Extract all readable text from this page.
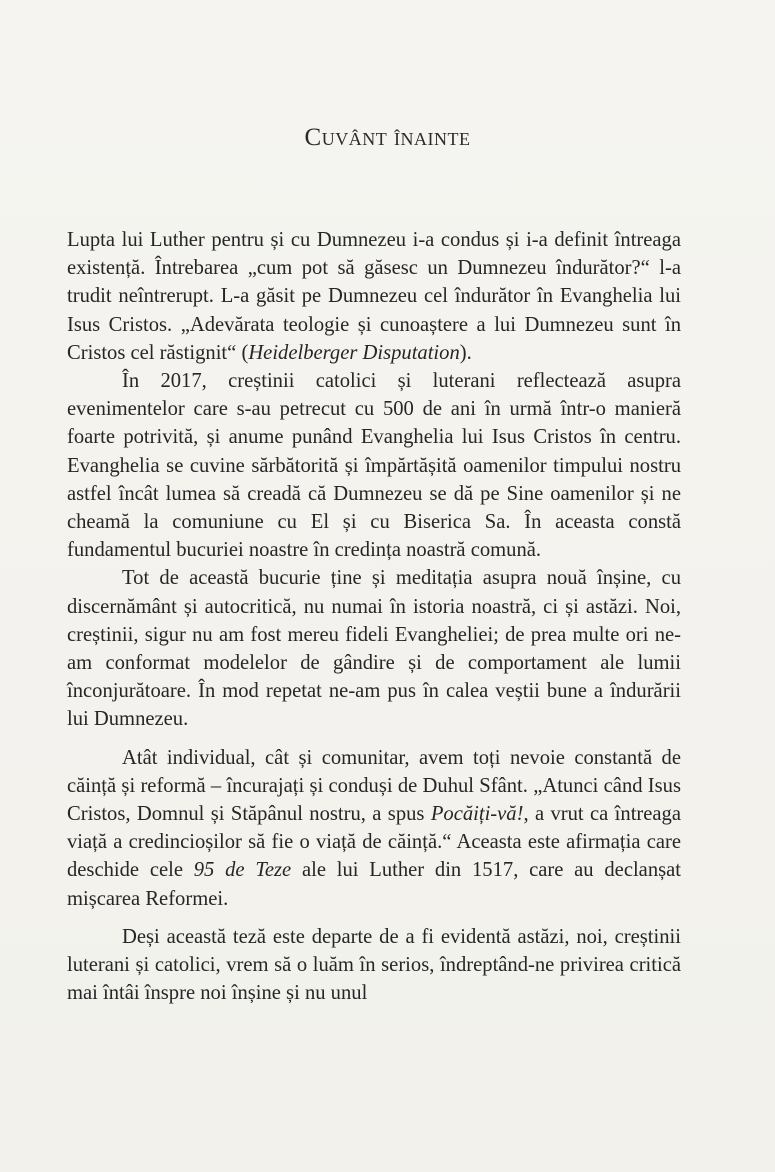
Cuvânt înainte

Lupta lui Luther pentru și cu Dumnezeu i-a condus și i-a definit întreaga existență. Întrebarea „cum pot să găsesc un Dumnezeu îndurător?“ l-a trudit neîntrerupt. L-a găsit pe Dumnezeu cel îndurător în Evanghelia lui Isus Cristos. „Adevărata teologie și cunoaștere a lui Dumnezeu sunt în Cristos cel răstignit“ (Heidelberger Disputation).

În 2017, creștinii catolici și luterani reflectează asupra evenimentelor care s-au petrecut cu 500 de ani în urmă într-o manieră foarte potrivită, și anume punând Evanghelia lui Isus Cristos în centru. Evanghelia se cuvine sărbătorită și împărtășită oamenilor timpului nostru astfel încât lumea să creadă că Dumnezeu se dă pe Sine oamenilor și ne cheamă la comuniune cu El și cu Biserica Sa. În aceasta constă fundamentul bucuriei noastre în credința noastră comună.

Tot de această bucurie ține și meditația asupra nouă înșine, cu discernământ și autocritică, nu numai în istoria noastră, ci și astăzi. Noi, creștinii, sigur nu am fost mereu fideli Evangheliei; de prea multe ori ne-am conformat modelelor de gândire și de comportament ale lumii înconjurătoare. În mod repetat ne-am pus în calea veștii bune a îndurării lui Dumnezeu.

Atât individual, cât și comunitar, avem toți nevoie constantă de căință și reformă – încurajați și conduși de Duhul Sfânt. „Atunci când Isus Cristos, Domnul și Stăpânul nostru, a spus Pocăiți-vă!, a vrut ca întreaga viață a credincioșilor să fie o viață de căință.“ Aceasta este afirmația care deschide cele 95 de Teze ale lui Luther din 1517, care au declanșat mișcarea Reformei.

Deși această teză este departe de a fi evidentă astăzi, noi, creștinii luterani și catolici, vrem să o luăm în serios, îndreptând-ne privirea critică mai întâi înspre noi înșine și nu unul
